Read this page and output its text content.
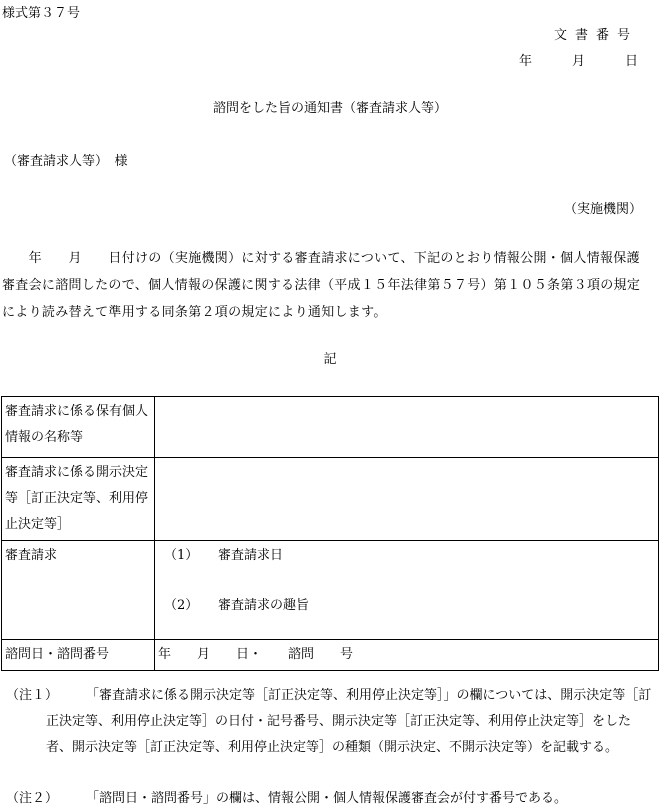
様式第３７号
文書番号
年	月	日
諮問をした旨の通知書（審査請求人等）
（審査請求人等）　様
（実施機関）
　　年　　月　　日付けの（実施機関）に対する審査請求について、下記のとおり情報公開・個人情報保護審査会に諮問したので、個人情報の保護に関する法律（平成１５年法律第５７号）第１０５条第３項の規定により読み替えて準用する同条第２項の規定により通知します。
記
審査請求に係る保有個人情報の名称等	
審査請求に係る開示決定等［訂正決定等、利用停止決定等］	
審査請求	（1） 審査請求日
（2） 審査請求の趣旨

諮問日・諮問番号	年　　月　　日・　　諮問　　号
（注１）	「審査請求に係る開示決定等［訂正決定等、利用停止決定等］」の欄については、開示決定等［訂正決定等、利用停止決定等］の日付・記号番号、開示決定等［訂正決定等、利用停止決定等］をした者、開示決定等［訂正決定等、利用停止決定等］の種類（開示決定、不開示決定等）を記載する。
（注２）	「諮問日・諮問番号」の欄は、情報公開・個人情報保護審査会が付す番号である。
